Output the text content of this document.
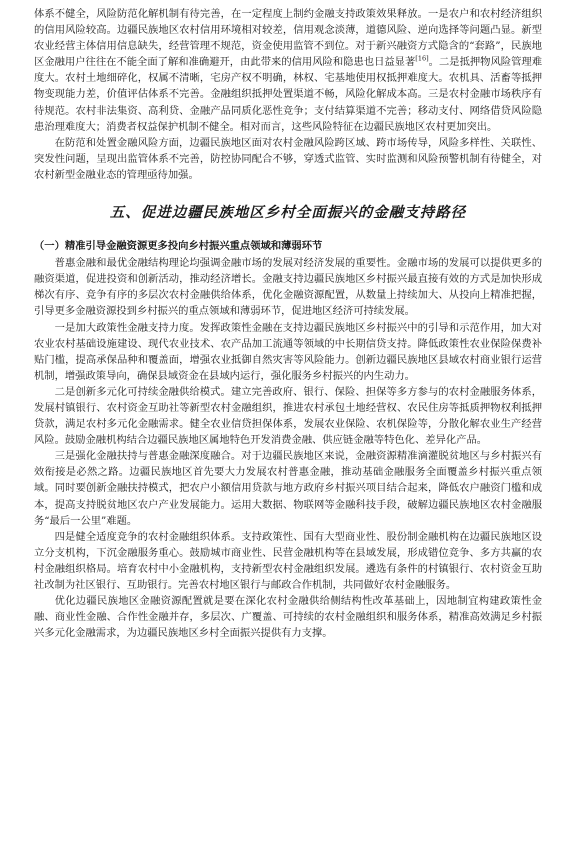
体系不健全，风险防范化解机制有待完善，在一定程度上制约金融支持政策效果释放。一是农户和农村经济组织的信用风险较高。边疆民族地区农村信用环境相对较差，信用观念淡薄，道德风险、逆向选择等问题凸显。新型农业经营主体信用信息缺失，经营管理不规范，资金使用监管不到位。对于新兴融资方式隐含的“套路”，民族地区金融用户往往在不能全面了解和准确避开，由此带来的信用风险和隐患也日益显著[16]。二是抵押物风险管理难度大。农村土地细碎化，权属不清晰，宅房产权不明确，林权、宅基地使用权抵押难度大。农机具、活畜等抵押物变现能力差，价值评估体系不完善。金融组织抵押处置渠道不畅，风险化解成本高。三是农村金融市场秩序有待规范。农村非法集资、高利贷、金融产品同质化恶性竞争；支付结算渠道不完善；移动支付、网络借贷风险隐患治理难度大；消费者权益保护机制不健全。相对而言，这些风险特征在边疆民族地区农村更加突出。

在防范和处置金融风险方面，边疆民族地区面对农村金融风险跨区域、跨市场传导，风险多样性、关联性、突发性问题，呈现出监管体系不完善，防控协同配合不够，穿透式监管、实时监测和风险预警机制有待健全，对农村新型金融业态的管理亟待加强。

五、促进边疆民族地区乡村全面振兴的金融支持路径
（一）精准引导金融资源更多投向乡村振兴重点领域和薄弱环节

普惠金融和最优金融结构理论均强调金融市场的发展对经济发展的重要性。金融市场的发展可以提供更多的融资渠道，促进投资和创新活动，推动经济增长。金融支持边疆民族地区乡村振兴最直接有效的方式是加快形成梯次有序、竞争有序的多层次农村金融供给体系，优化金融资源配置，从数量上持续加大、从投向上精准把握，引导更多金融资源投到乡村振兴的重点领域和薄弱环节，促进地区经济可持续发展。

一是加大政策性金融支持力度。发挥政策性金融在支持边疆民族地区乡村振兴中的引导和示范作用，加大对农业农村基础设施建设、现代农业技术、农产品加工流通等领域的中长期信贷支持。降低政策性农业保险保费补贴门槛，提高承保品种和覆盖面，增强农业抵御自然灾害等风险能力。创新边疆民族地区县域农村商业银行运营机制，增强政策导向，确保县域资金在县域内运行，强化服务乡村振兴的内生动力。

二是创新多元化可持续金融供给模式。建立完善政府、银行、保险、担保等多方参与的农村金融服务体系，发展村镇银行、农村资金互助社等新型农村金融组织，推进农村承包土地经营权、农民住房等抵质押物权利抵押贷款，满足农村多元化金融需求。健全农业信贷担保体系，发展农业保险、农机保险等，分散化解农业生产经营风险。鼓励金融机构结合边疆民族地区属地特色开发消费金融、供应链金融等特色化、差异化产品。

三是强化金融扶持与普惠金融深度融合。对于边疆民族地区来说，金融资源精准滴灌脱贫地区与乡村振兴有效衔接是必然之路。边疆民族地区首先要大力发展农村普惠金融，推动基础金融服务全面覆盖乡村振兴重点领域。同时要创新金融扶持模式，把农户小额信用贷款与地方政府乡村振兴项目结合起来，降低农户融资门槛和成本，提高支持脱贫地区农户产业发展能力。运用大数据、物联网等金融科技手段，破解边疆民族地区农村金融服务“最后一公里”难题。

四是健全适度竞争的农村金融组织体系。支持政策性、国有大型商业性、股份制金融机构在边疆民族地区设立分支机构，下沉金融服务重心。鼓励城市商业性、民营金融机构等在县域发展，形成错位竞争、多方共赢的农村金融组织格局。培育农村中小金融机构，支持新型农村金融组织发展。遴选有条件的村镇银行、农村资金互助社改制为社区银行、互助银行。完善农村地区银行与邮政合作机制，共同做好农村金融服务。

优化边疆民族地区金融资源配置就是要在深化农村金融供给侧结构性改革基础上，因地制宜构建政策性金融、商业性金融、合作性金融并存，多层次、广覆盖、可持续的农村金融组织和服务体系，精准高效满足乡村振兴多元化金融需求，为边疆民族地区乡村全面振兴提供有力支撑。
